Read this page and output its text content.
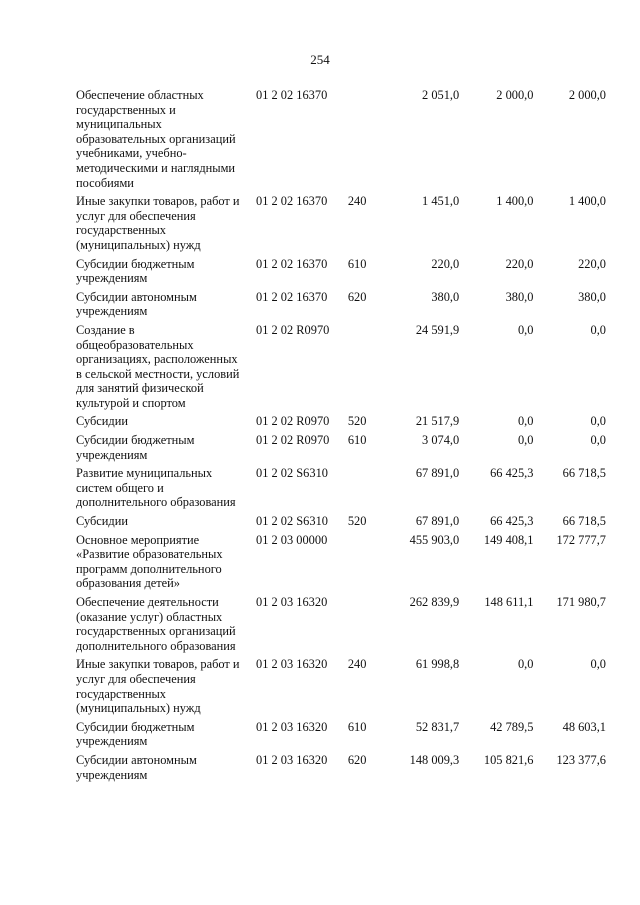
254
Обеспечение областных государственных и муниципальных образовательных организаций учебниками, учебно-методическими и наглядными пособиями	01 2 02 16370		2 051,0	2 000,0	2 000,0
Иные закупки товаров, работ и услуг для обеспечения государственных (муниципальных) нужд	01 2 02 16370	240	1 451,0	1 400,0	1 400,0
Субсидии бюджетным учреждениям	01 2 02 16370	610	220,0	220,0	220,0
Субсидии автономным учреждениям	01 2 02 16370	620	380,0	380,0	380,0
Создание в общеобразовательных организациях, расположенных в сельской местности, условий для занятий физической культурой и спортом	01 2 02 R0970		24 591,9	0,0	0,0
Субсидии	01 2 02 R0970	520	21 517,9	0,0	0,0
Субсидии бюджетным учреждениям	01 2 02 R0970	610	3 074,0	0,0	0,0
Развитие муниципальных систем общего и дополнительного образования	01 2 02 S6310		67 891,0	66 425,3	66 718,5
Субсидии	01 2 02 S6310	520	67 891,0	66 425,3	66 718,5
Основное мероприятие «Развитие образовательных программ дополнительного образования детей»	01 2 03 00000		455 903,0	149 408,1	172 777,7
Обеспечение деятельности (оказание услуг) областных государственных организаций дополнительного образования	01 2 03 16320		262 839,9	148 611,1	171 980,7
Иные закупки товаров, работ и услуг для обеспечения государственных (муниципальных) нужд	01 2 03 16320	240	61 998,8	0,0	0,0
Субсидии бюджетным учреждениям	01 2 03 16320	610	52 831,7	42 789,5	48 603,1
Субсидии автономным учреждениям	01 2 03 16320	620	148 009,3	105 821,6	123 377,6
